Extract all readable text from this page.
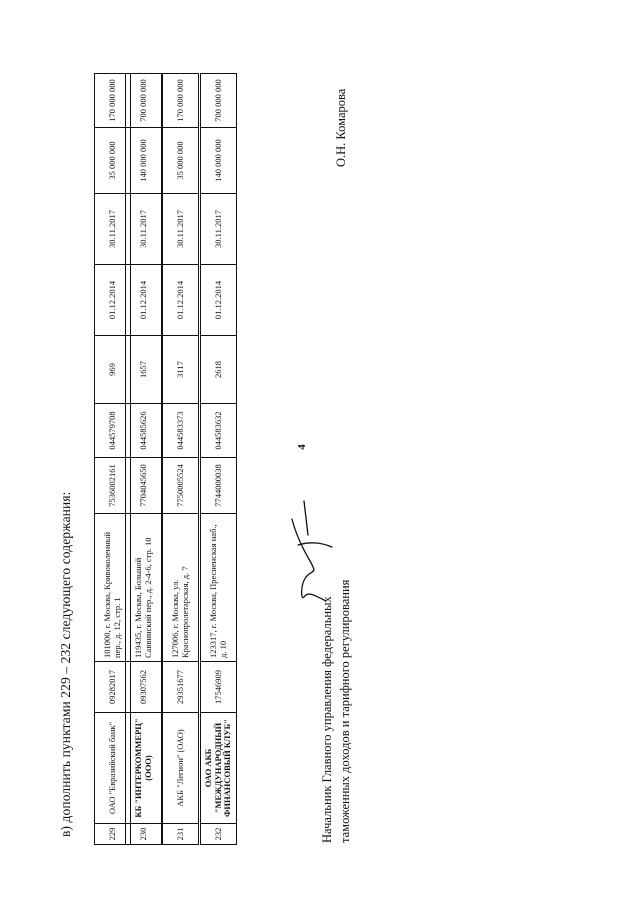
4
в) дополнить пунктами 229 – 232 следующего содержания:	229
ОАО "Евразийский банк"
09282017
101000, г. Москва, Кривоколенный пер., д. 12, стр. 1
7536002161
044579708
969
01.12.2014
30.11.2017
35 000 000
170 000 000
230
КБ "ИНТЕРКОММЕРЦ" (ООО)
09307562
119435, г. Москва, Большой Саввинский пер., д. 2-4-6, стр. 10
7704045650
044585626
1657
01.12.2014
30.11.2017
140 000 000
700 000 000
231
АКБ "Легион" (ОАО)
29351677
127006, г. Москва, ул. Краснопролетарская, д. 7
7750005524
044583373
3117
01.12.2014
30.11.2017
35 000 000
170 000 000
232
ОАО АКБ "МЕЖДУНАРОДНЫЙ ФИНАНСОВЫЙ КЛУБ"
17546909
123317, г. Москва, Пресненская наб., д. 10
7744000038
044583632
2618
01.12.2014
30.11.2017
140 000 000
700 000 000
Начальник Главного управления федеральных таможенных доходов и тарифного регулирования
О.Н. Комарова
